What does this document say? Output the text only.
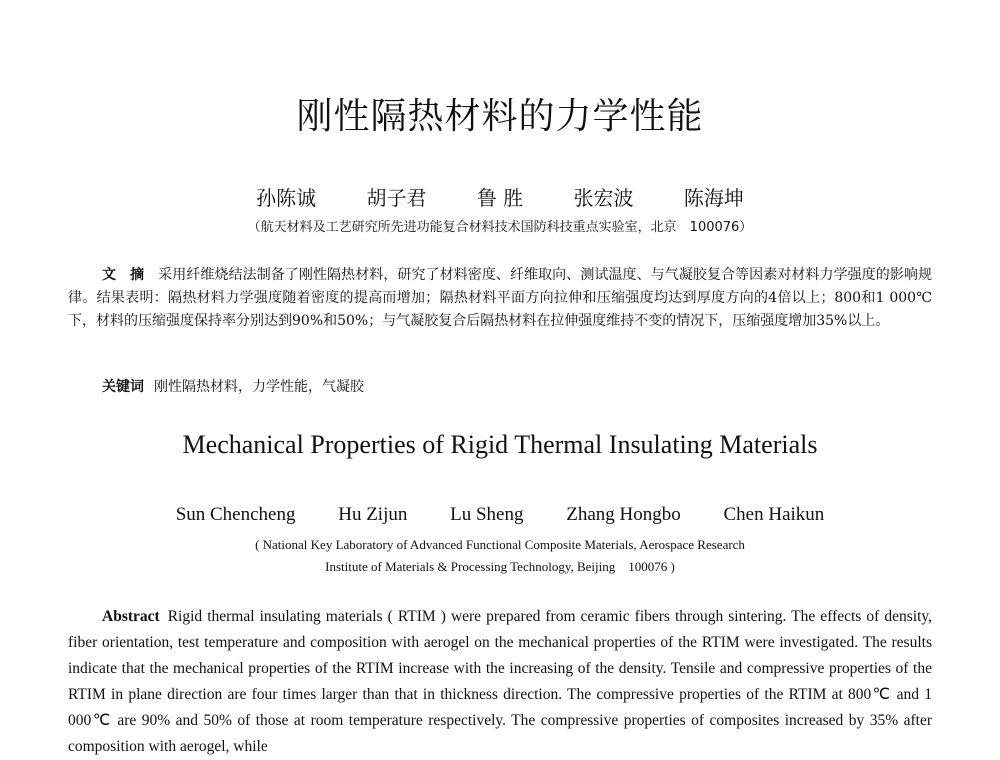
刚性隔热材料的力学性能
孙陈诚	胡子君	鲁 胜	张宏波	陈海坤
（航天材料及工艺研究所先进功能复合材料技术国防科技重点实验室，北京　100076）
文　摘 采用纤维烧结法制备了刚性隔热材料，研究了材料密度、纤维取向、测试温度、与气凝胶复合等因素对材料力学强度的影响规律。结果表明：隔热材料力学强度随着密度的提高而增加；隔热材料平面方向拉伸和压缩强度均达到厚度方向的4倍以上；800和1 000℃下，材料的压缩强度保持率分别达到90%和50%；与气凝胶复合后隔热材料在拉伸强度维持不变的情况下，压缩强度增加35%以上。
关键词 刚性隔热材料，力学性能，气凝胶
Mechanical Properties of Rigid Thermal Insulating Materials
Sun Chencheng Hu Zijun Lu Sheng Zhang Hongbo Chen Haikun
( National Key Laboratory of Advanced Functional Composite Materials, Aerospace Research
Institute of Materials & Processing Technology, Beijing　100076 )
Abstract Rigid thermal insulating materials ( RTIM ) were prepared from ceramic fibers through sintering. The effects of density, fiber orientation, test temperature and composition with aerogel on the mechanical properties of the RTIM were investigated. The results indicate that the mechanical properties of the RTIM increase with the increasing of the density. Tensile and compressive properties of the RTIM in plane direction are four times larger than that in thickness direction. The compressive properties of the RTIM at 800℃ and 1 000℃ are 90% and 50% of those at room temperature respectively. The compressive properties of composites increased by 35% after composition with aerogel, while
